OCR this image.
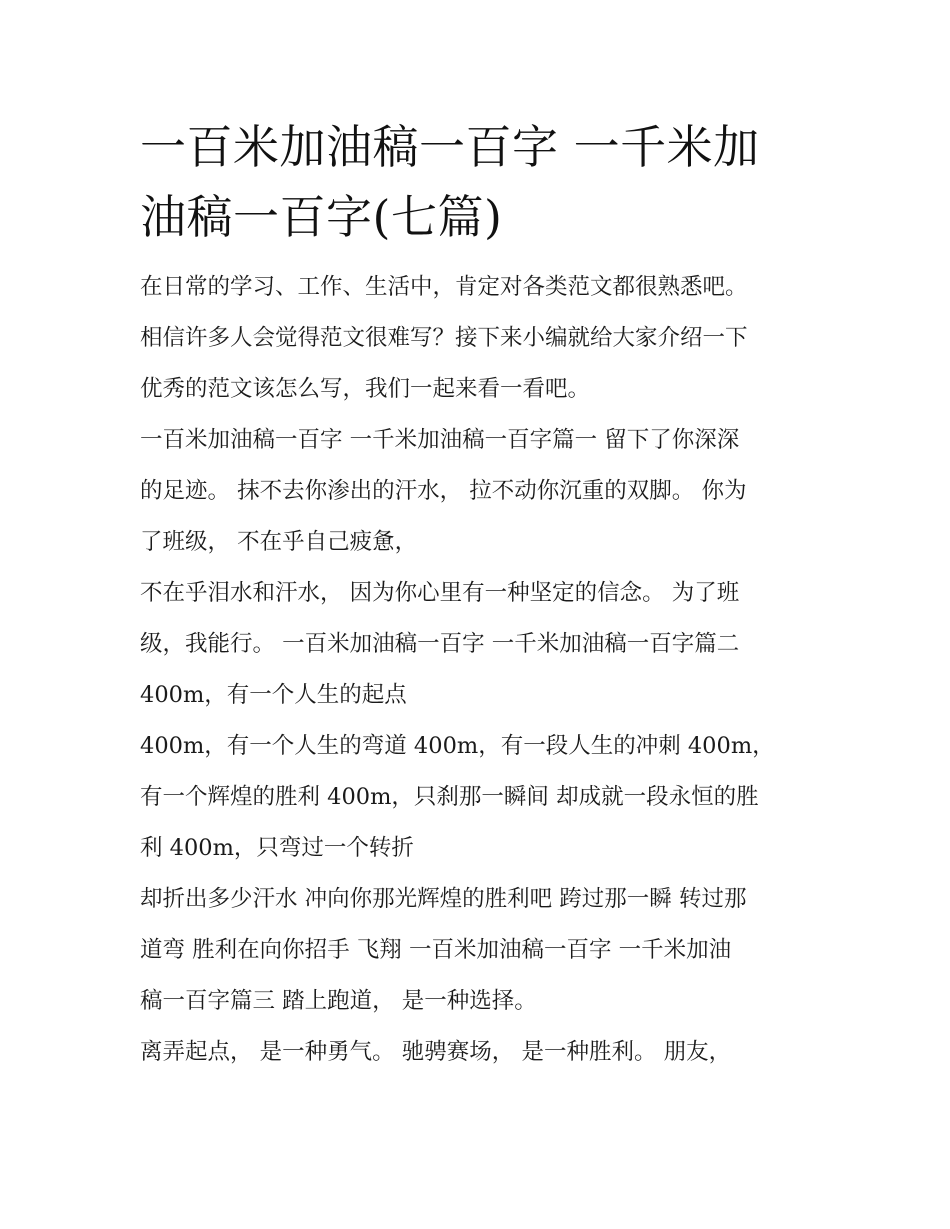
一百米加油稿一百字 一千米加
油稿一百字(七篇)

在日常的学习、工作、生活中，肯定对各类范文都很熟悉吧。
相信许多人会觉得范文很难写？接下来小编就给大家介绍一下
优秀的范文该怎么写，我们一起来看一看吧。

一百米加油稿一百字 一千米加油稿一百字篇一 留下了你深深
的足迹。 抹不去你渗出的汗水， 拉不动你沉重的双脚。 你为
了班级， 不在乎自己疲惫，

不在乎泪水和汗水， 因为你心里有一种坚定的信念。 为了班
级，我能行。 一百米加油稿一百字 一千米加油稿一百字篇二
400m，有一个人生的起点

400m，有一个人生的弯道 400m，有一段人生的冲刺 400m，
有一个辉煌的胜利 400m，只刹那一瞬间 却成就一段永恒的胜
利 400m，只弯过一个转折

却折出多少汗水 冲向你那光辉煌的胜利吧 跨过那一瞬 转过那
道弯 胜利在向你招手 飞翔 一百米加油稿一百字 一千米加油
稿一百字篇三 踏上跑道， 是一种选择。

离弄起点， 是一种勇气。 驰骋赛场， 是一种胜利。 朋友，
